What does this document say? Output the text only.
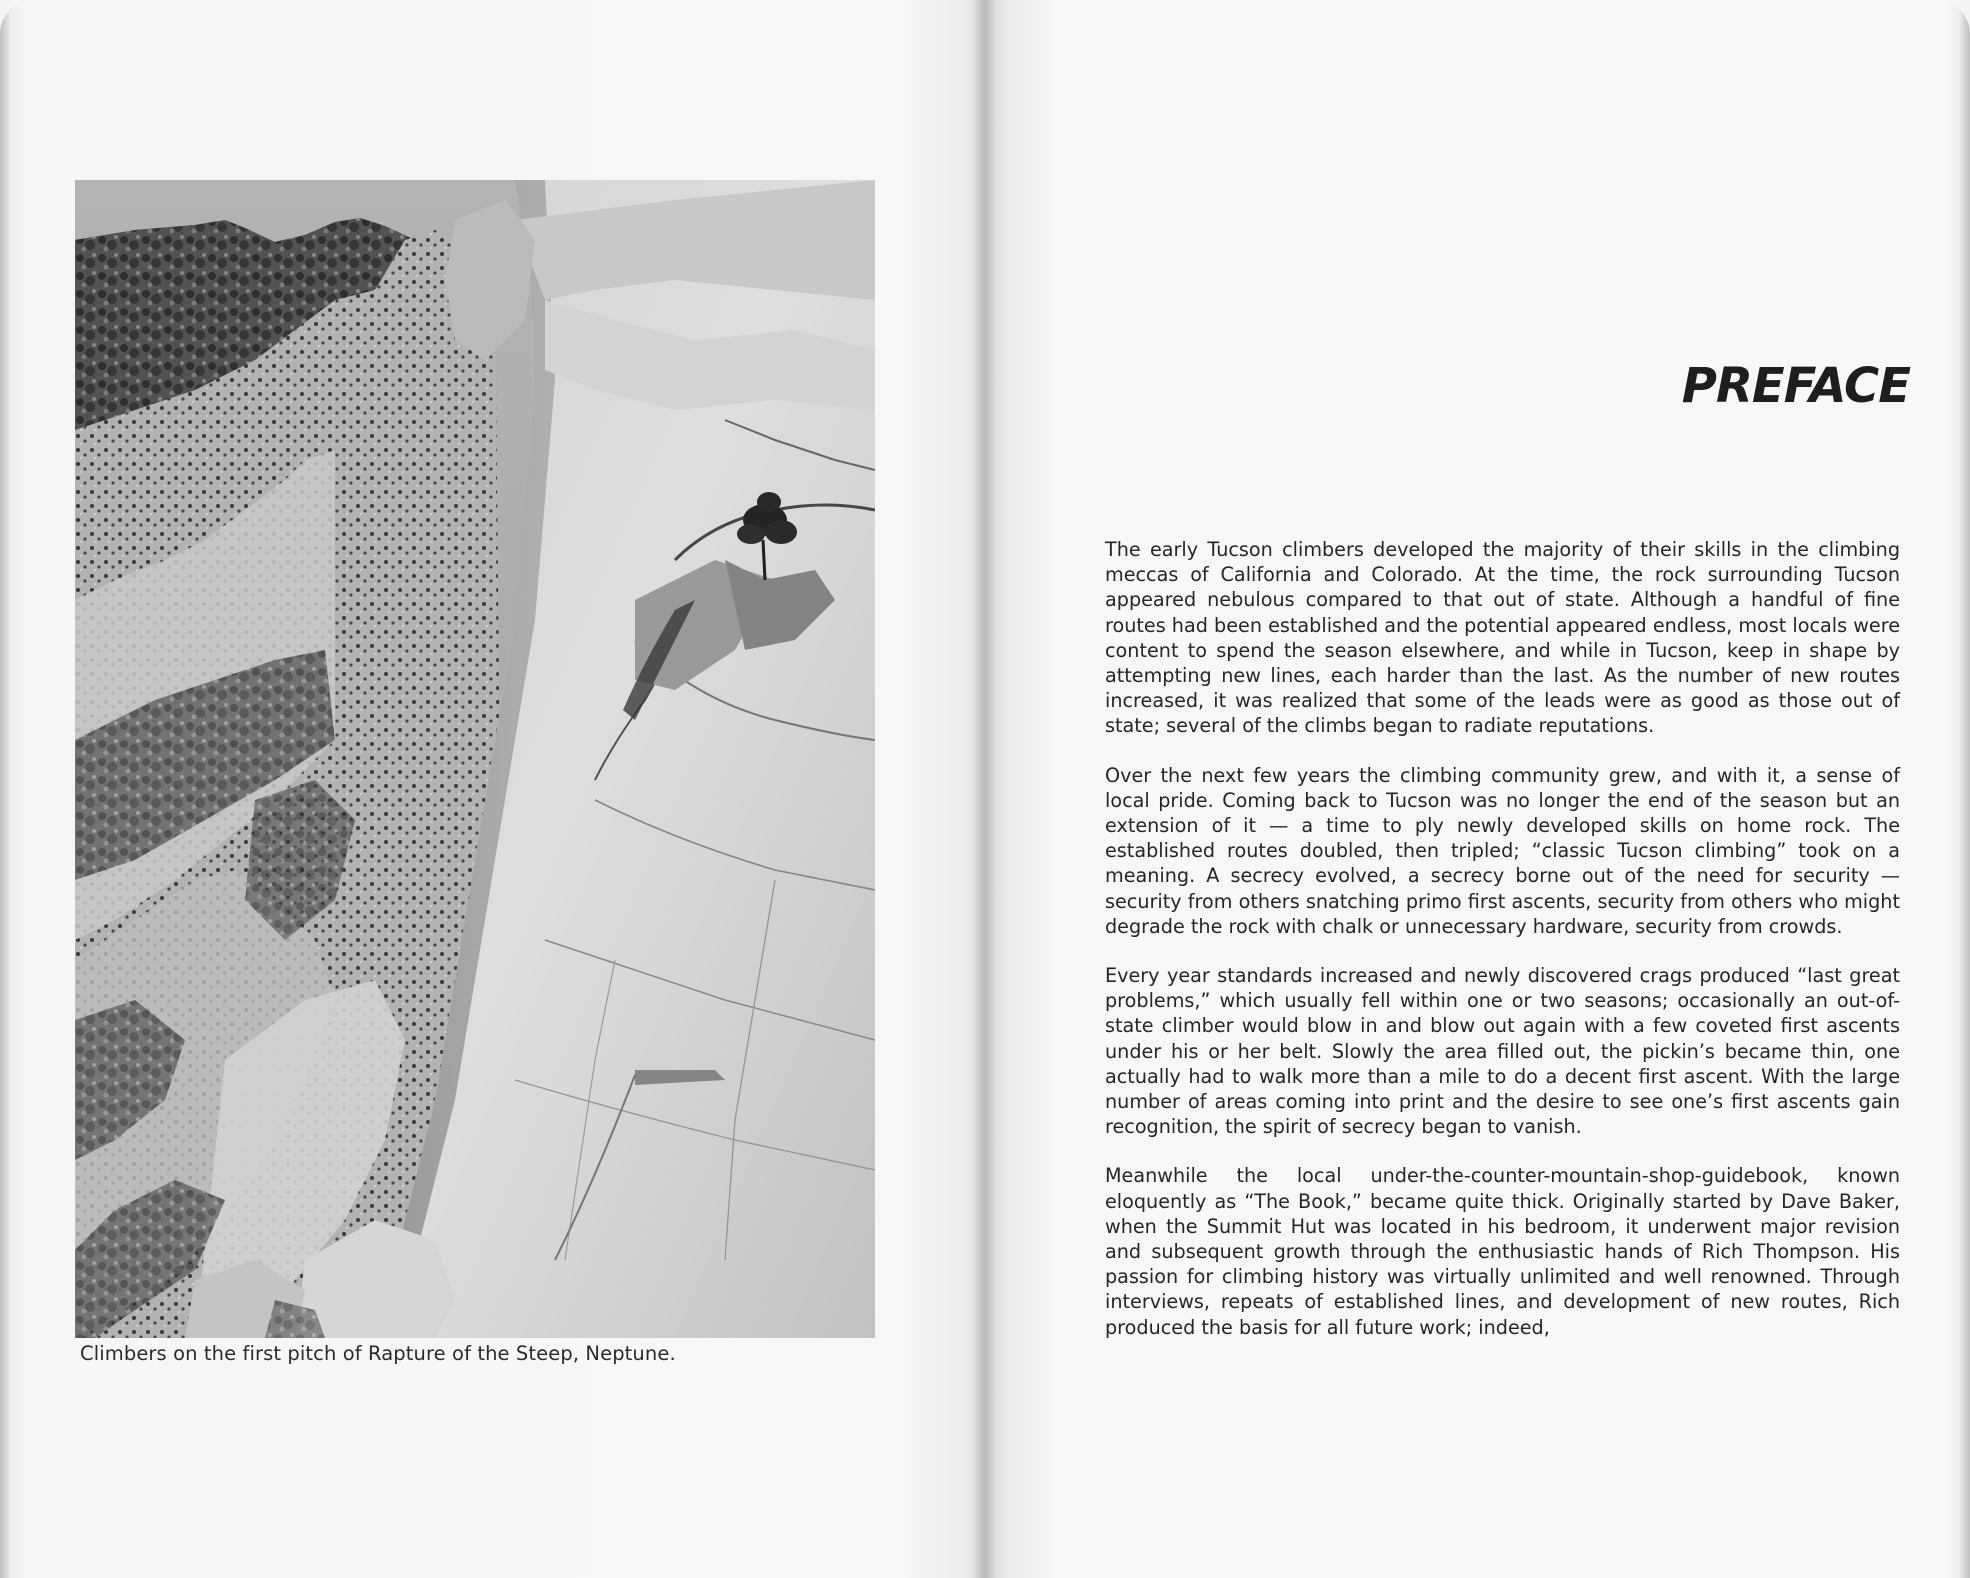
Climbers on the first pitch of Rapture of the Steep, Neptune.
PREFACE

The early Tucson climbers developed the majority of their skills in the climbing meccas of California and Colorado. At the time, the rock surrounding Tucson appeared nebulous compared to that out of state. Although a handful of fine routes had been established and the potential appeared endless, most locals were content to spend the season elsewhere, and while in Tucson, keep in shape by attempting new lines, each harder than the last. As the number of new routes increased, it was realized that some of the leads were as good as those out of state; several of the climbs began to radiate reputations.

Over the next few years the climbing community grew, and with it, a sense of local pride. Coming back to Tucson was no longer the end of the season but an extension of it — a time to ply newly developed skills on home rock. The established routes doubled, then tripled; “classic Tucson climbing” took on a meaning. A secrecy evolved, a secrecy borne out of the need for security — security from others snatching primo first ascents, security from others who might degrade the rock with chalk or unnecessary hardware, security from crowds.

Every year standards increased and newly discovered crags produced “last great problems,” which usually fell within one or two seasons; occasionally an out-of-state climber would blow in and blow out again with a few coveted first ascents under his or her belt. Slowly the area filled out, the pickin’s became thin, one actually had to walk more than a mile to do a decent first ascent. With the large number of areas coming into print and the desire to see one’s first ascents gain recognition, the spirit of secrecy began to vanish.

Meanwhile the local under-the-counter-mountain-shop-guidebook, known eloquently as “The Book,” became quite thick. Originally started by Dave Baker, when the Summit Hut was located in his bedroom, it underwent major revision and subsequent growth through the enthusiastic hands of Rich Thompson. His passion for climbing history was virtually unlimited and well renowned. Through interviews, repeats of established lines, and development of new routes, Rich produced the basis for all future work; indeed,
